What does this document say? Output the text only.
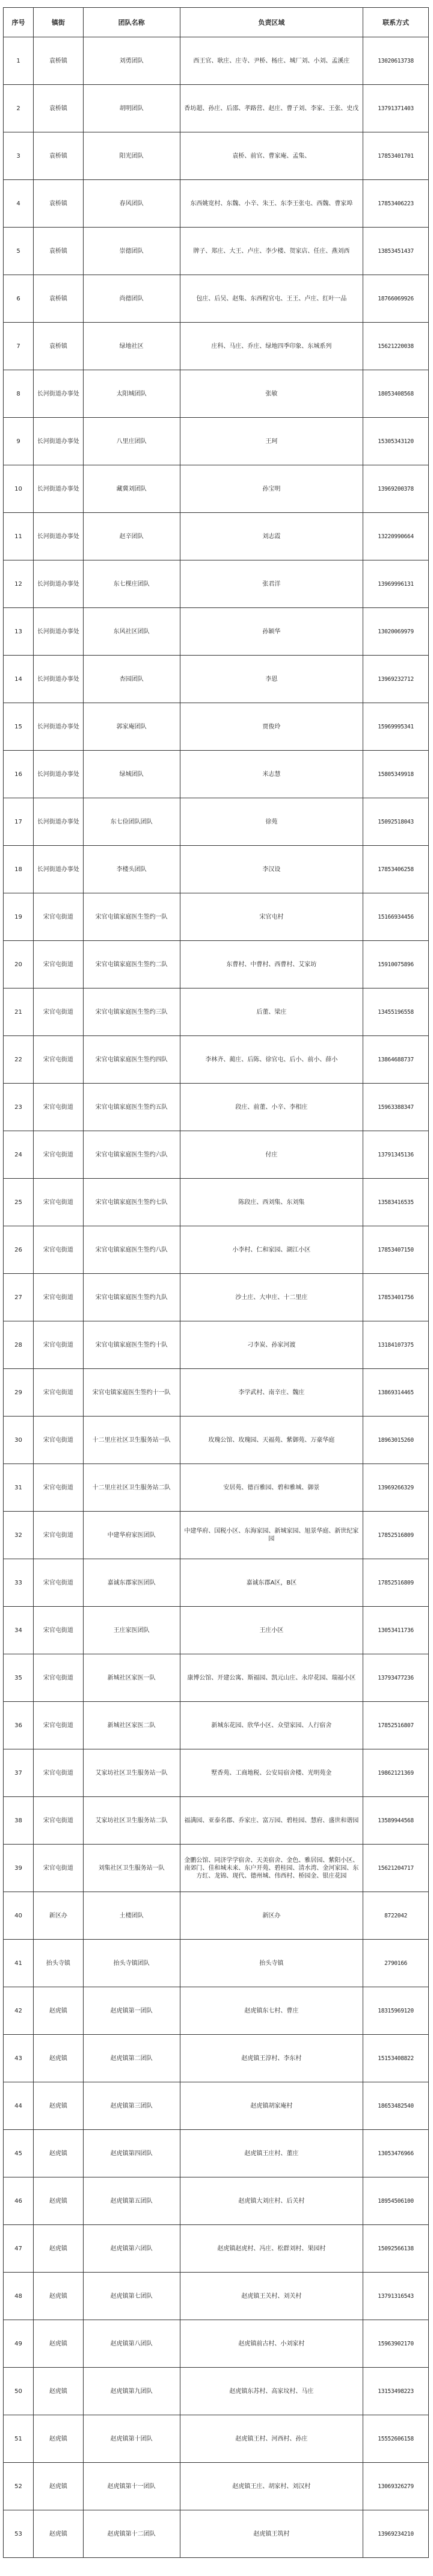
序号	镇街	团队名称	负责区域	联系方式
1	袁桥镇	刘勇团队	西王官、耿庄、庄寺、尹桥、杨庄、城厂刘、小刘、孟溪庄	13020613738
2	袁桥镇	胡明团队	香坊超、孙庄、后邵、孝路营、赵庄、曹子刘、李家、王张、史戊	13791371403
3	袁桥镇	阳光团队	袁桥、前官、曹家庵、孟集、	17853401701
4	袁桥镇	春风团队	东西姚宽村、东魏、小辛、朱王、东李王张屯、西魏、曹家埠	17853406223
5	袁桥镇	崇德团队	牌子、郑庄、大王、卢庄、李少楼、贺家店、任庄、燕刘西	13853451437
6	袁桥镇	尚德团队	包庄、后吴、赵集、东西程官屯、王王、卢庄、红叶一品	18766069926
7	袁桥镇	绿地社区	庄科、马庄、乔庄、绿地四季印象、东城系列	15621220038
8	长河街道办事处	太阳城团队	张敏	18053408568
9	长河街道办事处	八里庄团队	王珂	15305343120
10	长河街道办事处	藏冀刘团队	孙宝明	13969200378
11	长河街道办事处	赵辛团队	刘志霞	13220990664
12	长河街道办事处	东七棵庄团队	张君洋	13969996131
13	长河街道办事处	东风社区团队	孙颖华	13020069979
14	长河街道办事处	杏园团队	李恩	13969232712
15	长河街道办事处	郭家庵团队	贾俊玲	15969995341
16	长河街道办事处	绿城团队	米志慧	15805349918
17	长河街道办事处	东七俭团队团队	徐苑	15092518043
18	长河街道办事处	李楼头团队	李汉设	17853406258
19	宋官屯街道	宋官屯镇家庭医生签约一队	宋官屯村	15166934456
20	宋官屯街道	宋官屯镇家庭医生签约二队	东曹村、中曹村、西曹村、艾家坊	15910075896
21	宋官屯街道	宋官屯镇家庭医生签约三队	后董、梁庄	13455196558
22	宋官屯街道	宋官屯镇家庭医生签约四队	李林齐、蔺庄、后陈、徐官屯、后小、前小、薛小	13864688737
23	宋官屯街道	宋官屯镇家庭医生签约五队	段庄、前董、小辛、李相庄	15963388347
24	宋官屯街道	宋官屯镇家庭医生签约六队	付庄	13791345136
25	宋官屯街道	宋官屯镇家庭医生签约七队	陈段庄、西刘集、东刘集	13583416535
26	宋官屯街道	宋官屯镇家庭医生签约八队	小李村、仁和家园、湖江小区	17853407150
27	宋官屯街道	宋官屯镇家庭医生签约九队	沙土庄、大申庄、十二里庄	17853401756
28	宋官屯街道	宋官屯镇家庭医生签约十队	刁李炭、孙家河渡	13184107375
29	宋官屯街道	宋官屯镇家庭医生签约十一队	李学武村、南辛庄、魏庄	13869314465
30	宋官屯街道	十二里庄社区卫生服务站一队	玫瑰公馆、玫瑰园、天福苑、紫御苑、万豪华庭	18963015260
31	宋官屯街道	十二里庄社区卫生服务站二队	安居苑、德百雅园、碧和雅城、御景	13969266329
32	宋官屯街道	中建华府家医团队	中建华府、国税小区、东海家园、新城家园、旭景华庭、新世纪家园	17852516809
33	宋官屯街道	嘉诚东郡家医团队	嘉诚东郡A区，B区	17852516809
34	宋官屯街道	王庄家医团队	王庄小区	13053411736
35	宋官屯街道	新城社区家医一队	康博公馆、开建公寓、斯福园、凯元山庄、永岸花园、瑞福小区	13793477236
36	宋官屯街道	新城社区家医二队	新城东花园、欣华小区、众望家园、人行宿舍	17852516807
37	宋官屯街道	艾家坊社区卫生服务站一队	墅香苑、工商地税、公安局宿舍楼、光明苑金	19862121369
38	宋官屯街道	艾家坊社区卫生服务站二队	福满园、亚泰名郡、乔家庄、富万园、碧桂园、慧府、盛世和谐园	13589944568
39	宋官屯街道	刘集社区卫生服务站一队	金鹏公馆、同济学学宿舍、天美宿舍、金色、雅居园、紫阳小区、南郊门、佳和城未来、东户开苑、碧桂园、清水湾、金河家园、东方红、龙锦、现代、德州城、伟西村、桥园金、银庄花园	15621204717
40	新区办	土楼团队	新区办	8722042
41	抬头寺镇	抬头寺镇团队	抬头寺镇	2790166
42	赵虎镇	赵虎镇第一团队	赵虎镇东七村、曹庄	18315969120
43	赵虎镇	赵虎镇第二团队	赵虎镇王淳村、李东村	15153408822
44	赵虎镇	赵虎镇第三团队	赵虎镇胡家庵村	18653482540
45	赵虎镇	赵虎镇第四团队	赵虎镇王庄村、董庄	13053476966
46	赵虎镇	赵虎镇第五团队	赵虎镇大刘庄村、后关村	18954506100
47	赵虎镇	赵虎镇第六团队	赵虎镇赵虎村、冯庄、松群刘村、果园村	15092566138
48	赵虎镇	赵虎镇第七团队	赵虎镇王关村、刘关村	13791316543
49	赵虎镇	赵虎镇第八团队	赵虎镇前古村、小刘家村	15963902170
50	赵虎镇	赵虎镇第九团队	赵虎镇东苏村、高家坟村、马庄	13153498223
51	赵虎镇	赵虎镇第十团队	赵虎镇王村、河西村、孙庄	15552606158
52	赵虎镇	赵虎镇第十一团队	赵虎镇王庄、胡家村、刘汉村	13069326279
53	赵虎镇	赵虎镇第十二团队	赵虎镇王筑村	13969234210
